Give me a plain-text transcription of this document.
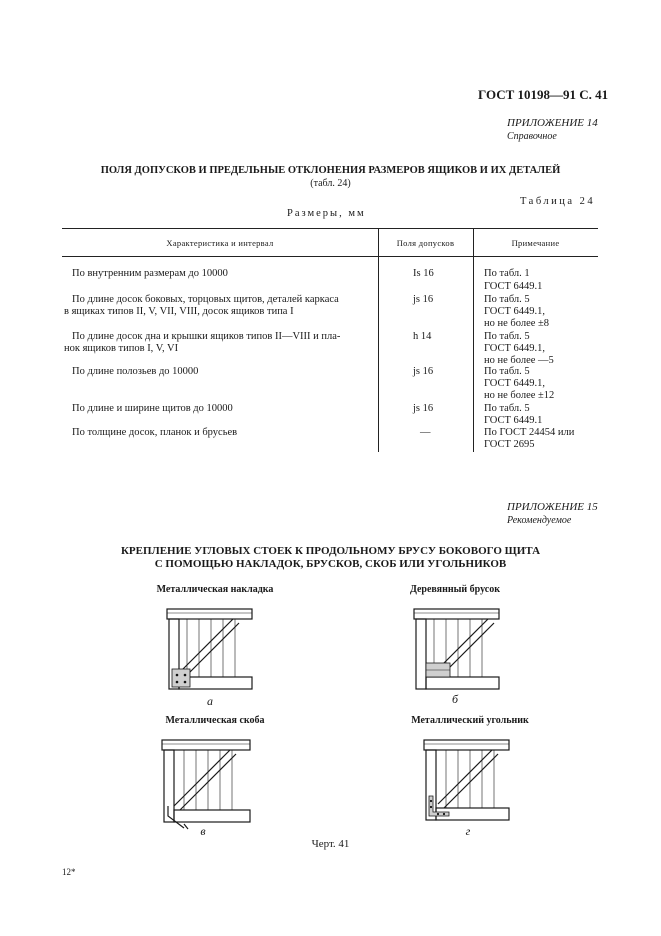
ГОСТ 10198—91 С. 41
ПРИЛОЖЕНИЕ 14
Справочное
ПОЛЯ ДОПУСКОВ И ПРЕДЕЛЬНЫЕ ОТКЛОНЕНИЯ РАЗМЕРОВ ЯЩИКОВ И ИХ ДЕТАЛЕЙ
(табл. 24)
Таблица 24
Размеры, мм
Характеристика и интервал	Поля допусков	Примечание
По внутренним размерам до 10000	Is 16	По табл. 1
ГОСТ 6449.1
По длине досок боковых, торцовых щитов, деталей каркаса
в ящиках типов II, V, VII, VIII, досок ящиков типа I
js 16	По табл. 5
ГОСТ 6449.1,
но не более ±8
По длине досок дна и крышки ящиков типов II—VIII и пла-
нок ящиков типов I, V, VI
h 14	По табл. 5
ГОСТ 6449.1,
но не более —5
По длине полозьев до 10000	js 16	По табл. 5
ГОСТ 6449.1,
но не более ±12
По длине и ширине щитов до 10000	js 16	По табл. 5
ГОСТ 6449.1
По толщине досок, планок и брусьев	—	По ГОСТ 24454 или
ГОСТ 2695
ПРИЛОЖЕНИЕ 15
Рекомендуемое
КРЕПЛЕНИЕ УГЛОВЫХ СТОЕК К ПРОДОЛЬНОМУ БРУСУ БОКОВОГО ЩИТА
С ПОМОЩЬЮ НАКЛАДОК, БРУСКОВ, СКОБ ИЛИ УГОЛЬНИКОВ
Металлическая накладка	Деревянный брусок
Металлическая скоба	Металлический угольник
а	б
в	г
Черт. 41
12*
